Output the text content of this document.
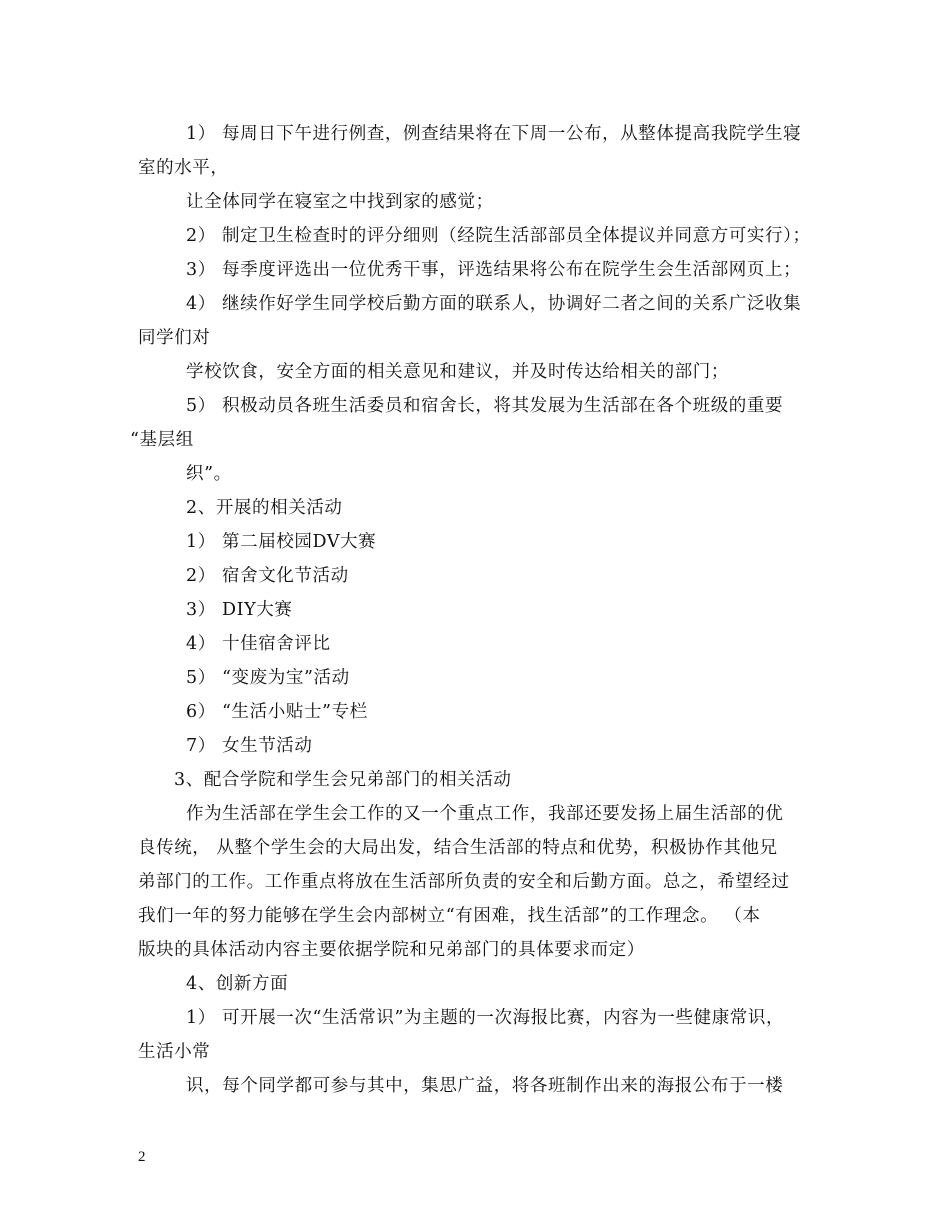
1） 每周日下午进行例查，例查结果将在下周一公布，从整体提高我院学生寝
室的水平，
让全体同学在寝室之中找到家的感觉；
2） 制定卫生检查时的评分细则（经院生活部部员全体提议并同意方可实行）；
3） 每季度评选出一位优秀干事，评选结果将公布在院学生会生活部网页上；
4） 继续作好学生同学校后勤方面的联系人，协调好二者之间的关系广泛收集
同学们对
学校饮食，安全方面的相关意见和建议，并及时传达给相关的部门；
5） 积极动员各班生活委员和宿舍长，将其发展为生活部在各个班级的重要
“基层组
织”。
2、开展的相关活动
1） 第二届校园DV大赛
2） 宿舍文化节活动
3） DIY大赛
4） 十佳宿舍评比
5） “变废为宝”活动
6） “生活小贴士”专栏
7） 女生节活动
3、配合学院和学生会兄弟部门的相关活动
作为生活部在学生会工作的又一个重点工作，我部还要发扬上届生活部的优
良传统， 从整个学生会的大局出发，结合生活部的特点和优势，积极协作其他兄
弟部门的工作。工作重点将放在生活部所负责的安全和后勤方面。总之，希望经过
我们一年的努力能够在学生会内部树立“有困难，找生活部”的工作理念。 （本
版块的具体活动内容主要依据学院和兄弟部门的具体要求而定）
4、创新方面
1） 可开展一次“生活常识”为主题的一次海报比赛，内容为一些健康常识，
生活小常
识，每个同学都可参与其中，集思广益，将各班制作出来的海报公布于一楼
2
